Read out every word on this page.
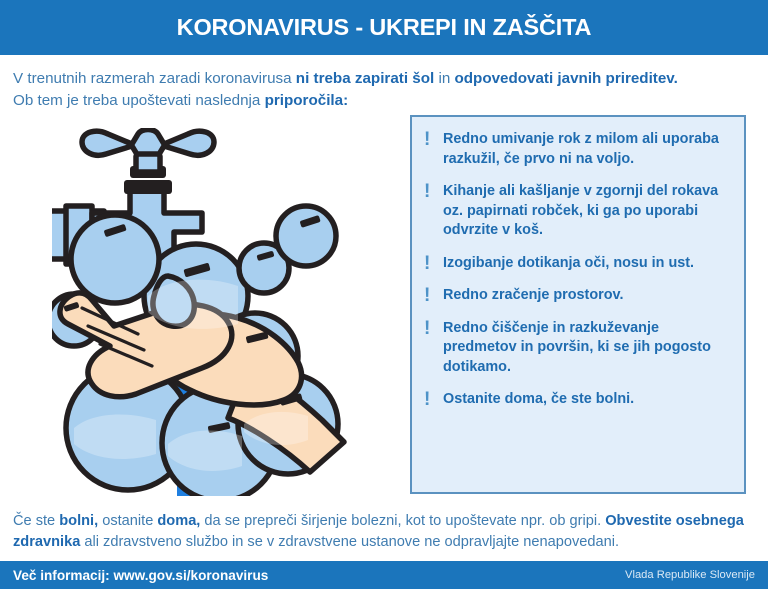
KORONAVIRUS - UKREPI IN ZAŠČITA
V trenutnih razmerah zaradi koronavirusa ni treba zapirati šol in odpovedovati javnih prireditev.
Ob tem je treba upoštevati naslednja priporočila:
! Redno umivanje rok z milom ali uporaba razkužil, če prvo ni na voljo.
! Kihanje ali kašljanje v zgornji del rokava oz. papirnati robček, ki ga po uporabi odvrzite v koš.
! Izogibanje dotikanja oči, nosu in ust.
! Redno zračenje prostorov.
! Redno čiščenje in razkuževanje predmetov in površin, ki se jih pogosto dotikamo.
! Ostanite doma, če ste bolni.
Če ste bolni, ostanite doma, da se prepreči širjenje bolezni, kot to upoštevate npr. ob gripi. Obvestite osebnega zdravnika ali zdravstveno službo in se v zdravstvene ustanove ne odpravljajte nenapovedani.
Več informacij: www.gov.si/koronavirus	Vlada Republike Slovenije
